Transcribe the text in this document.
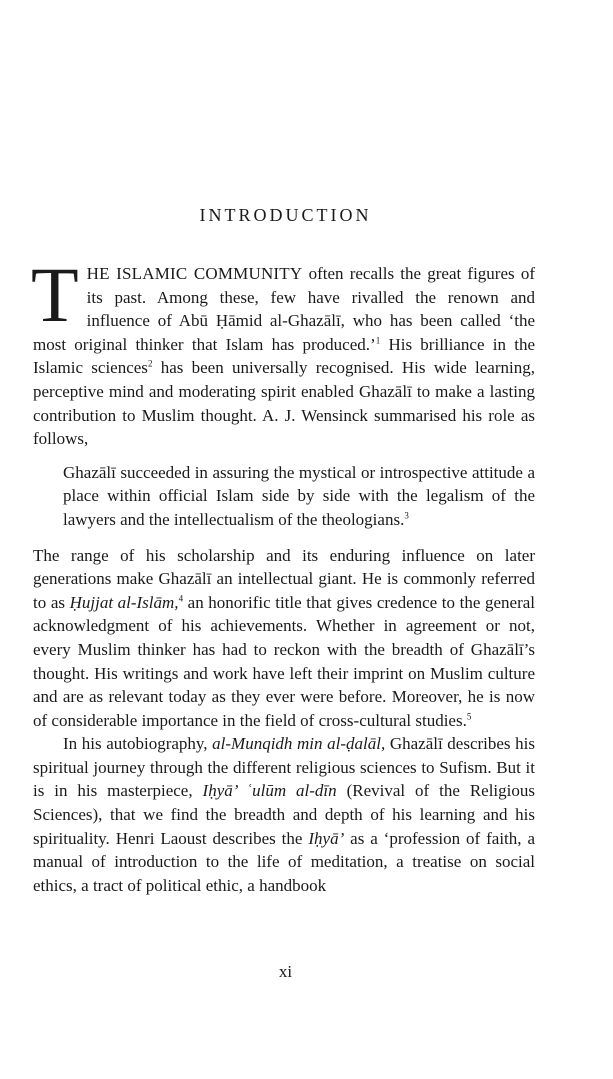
INTRODUCTION

THE ISLAMIC COMMUNITY often recalls the great figures of its past. Among these, few have rivalled the renown and influence of Abū Ḥāmid al-Ghazālī, who has been called ‘the most original thinker that Islam has produced.’$^1$ His brilliance in the Islamic sciences$^2$ has been universally recognised. His wide learning, perceptive mind and moderating spirit enabled Ghazālī to make a lasting contribution to Muslim thought. A. J. Wensinck summarised his role as follows,

Ghazālī succeeded in assuring the mystical or introspective attitude a place within official Islam side by side with the legalism of the lawyers and the intellectualism of the theologians.$^3$

The range of his scholarship and its enduring influence on later generations make Ghazālī an intellectual giant. He is commonly referred to as Ḥujjat al-Islām,$^4$ an honorific title that gives credence to the general acknowledgment of his achievements. Whether in agreement or not, every Muslim thinker has had to reckon with the breadth of Ghazālī’s thought. His writings and work have left their imprint on Muslim culture and are as relevant today as they ever were before. Moreover, he is now of considerable importance in the field of cross-cultural studies.$^5$

In his autobiography, al-Munqidh min al-ḍalāl, Ghazālī describes his spiritual journey through the different religious sciences to Sufism. But it is in his masterpiece, Iḥyā’ ʿulūm al-dīn (Revival of the Religious Sciences), that we find the breadth and depth of his learning and his spirituality. Henri Laoust describes the Iḥyā’ as a ‘profession of faith, a manual of introduction to the life of meditation, a treatise on social ethics, a tract of political ethic, a handbook

xi
